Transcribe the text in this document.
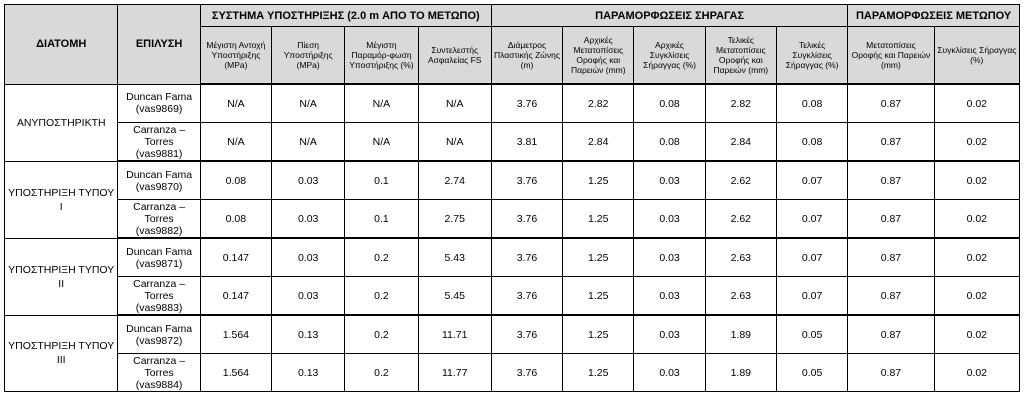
ΔΙΑΤΟΜΗ	ΕΠΙΛΥΣΗ	ΣΥΣΤΗΜΑ ΥΠΟΣΤΗΡΙΞΗΣ (2.0 m ΑΠΟ ΤΟ ΜΕΤΩΠΟ)				ΠΑΡΑΜΟΡΦΩΣΕΙΣ ΣΗΡΑΓΑΣ					ΠΑΡΑΜΟΡΦΩΣΕΙΣ ΜΕΤΩΠΟΥ	
		Μέγιστη Αντοχή Υποστήριξης (MPa)	Πίεση Υποστήριξης (MPa)	Μέγιστη Παραμόρ-φωση Υποστήριξης (%)	Συντελεστής Ασφαλείας FS	Διάμετρος Πλαστικής Ζώνης (m)	Αρχικές Μετατοπίσεις Οροφής και Παρειών (mm)	Αρχικές Συγκλίσεις Σήραγγας (%)	Τελικές Μετατοπίσεις Οροφής και Παρειών (mm)	Τελικές Συγκλίσεις Σήραγγας (%)	Μετατοπίσεις Οροφής και Παρειών (mm)	Συγκλίσεις Σήραγγας (%)
ΑΝΥΠΟΣΤΗΡΙΚΤΗ	Duncan Fama (vas9869)	N/A	N/A	N/A	N/A	3.76	2.82	0.08	2.82	0.08	0.87	0.02
	Carranza – Torres (vas9881)	N/A	N/A	N/A	N/A	3.81	2.84	0.08	2.84	0.08	0.87	0.02
ΥΠΟΣΤΗΡΙΞΗ ΤΥΠΟΥ Ι	Duncan Fama (vas9870)	0.08	0.03	0.1	2.74	3.76	1.25	0.03	2.62	0.07	0.87	0.02
	Carranza – Torres (vas9882)	0.08	0.03	0.1	2.75	3.76	1.25	0.03	2.62	0.07	0.87	0.02
ΥΠΟΣΤΗΡΙΞΗ ΤΥΠΟΥ ΙΙ	Duncan Fama (vas9871)	0.147	0.03	0.2	5.43	3.76	1.25	0.03	2.63	0.07	0.87	0.02
	Carranza – Torres (vas9883)	0.147	0.03	0.2	5.45	3.76	1.25	0.03	2.63	0.07	0.87	0.02
ΥΠΟΣΤΗΡΙΞΗ ΤΥΠΟΥ ΙΙΙ	Duncan Fama (vas9872)	1.564	0.13	0.2	11.71	3.76	1.25	0.03	1.89	0.05	0.87	0.02
	Carranza – Torres (vas9884)	1.564	0.13	0.2	11.77	3.76	1.25	0.03	1.89	0.05	0.87	0.02
